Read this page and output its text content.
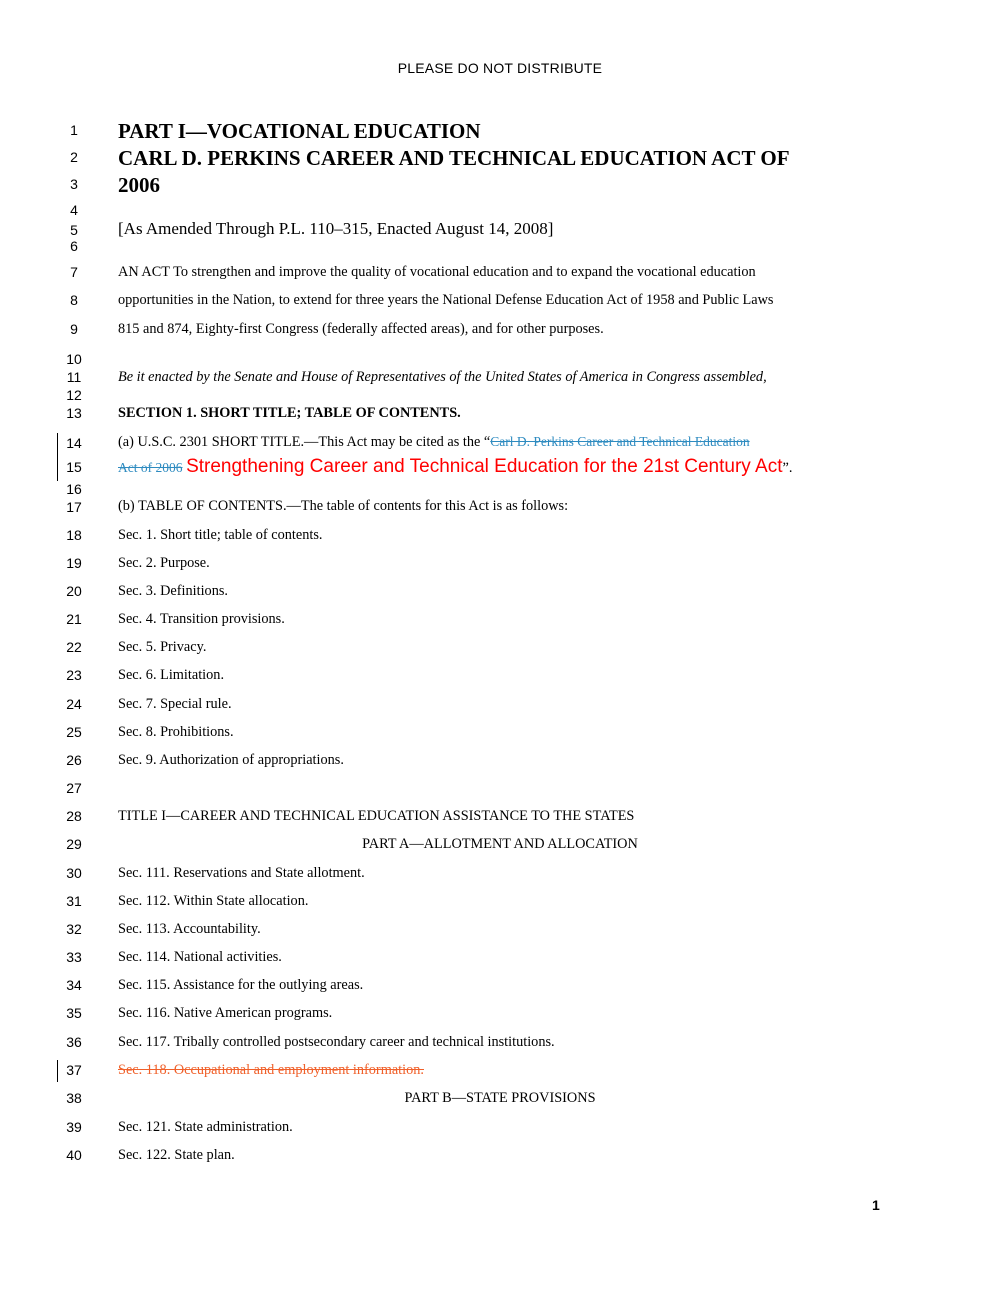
PLEASE DO NOT DISTRIBUTE
1
2
3
4
5
6
7
8
9
10
11
12
13
14
15
16
17
18
19
20
21
22
23
24
25
26
27
28
29
30
31
32
33
34
35
36
37
38
39
40
PART I—VOCATIONAL EDUCATION
CARL D. PERKINS CAREER AND TECHNICAL EDUCATION ACT OF
2006
[As Amended Through P.L. 110–315, Enacted August 14, 2008]
AN ACT To strengthen and improve the quality of vocational education and to expand the vocational education
opportunities in the Nation, to extend for three years the National Defense Education Act of 1958 and Public Laws
815 and 874, Eighty-first Congress (federally affected areas), and for other purposes.
Be it enacted by the Senate and House of Representatives of the United States of America in Congress assembled,
SECTION 1. SHORT TITLE; TABLE OF CONTENTS.
(a) U.S.C. 2301 SHORT TITLE.—This Act may be cited as the “Carl D. Perkins Career and Technical Education
Act of 2006 Strengthening Career and Technical Education for the 21st Century Act”.
(b) TABLE OF CONTENTS.—The table of contents for this Act is as follows:
Sec. 1. Short title; table of contents.
Sec. 2. Purpose.
Sec. 3. Definitions.
Sec. 4. Transition provisions.
Sec. 5. Privacy.
Sec. 6. Limitation.
Sec. 7. Special rule.
Sec. 8. Prohibitions.
Sec. 9. Authorization of appropriations.
TITLE I—CAREER AND TECHNICAL EDUCATION ASSISTANCE TO THE STATES
PART A—ALLOTMENT AND ALLOCATION
Sec. 111. Reservations and State allotment.
Sec. 112. Within State allocation.
Sec. 113. Accountability.
Sec. 114. National activities.
Sec. 115. Assistance for the outlying areas.
Sec. 116. Native American programs.
Sec. 117. Tribally controlled postsecondary career and technical institutions.
Sec. 118. Occupational and employment information.
PART B—STATE PROVISIONS
Sec. 121. State administration.
Sec. 122. State plan.
1
